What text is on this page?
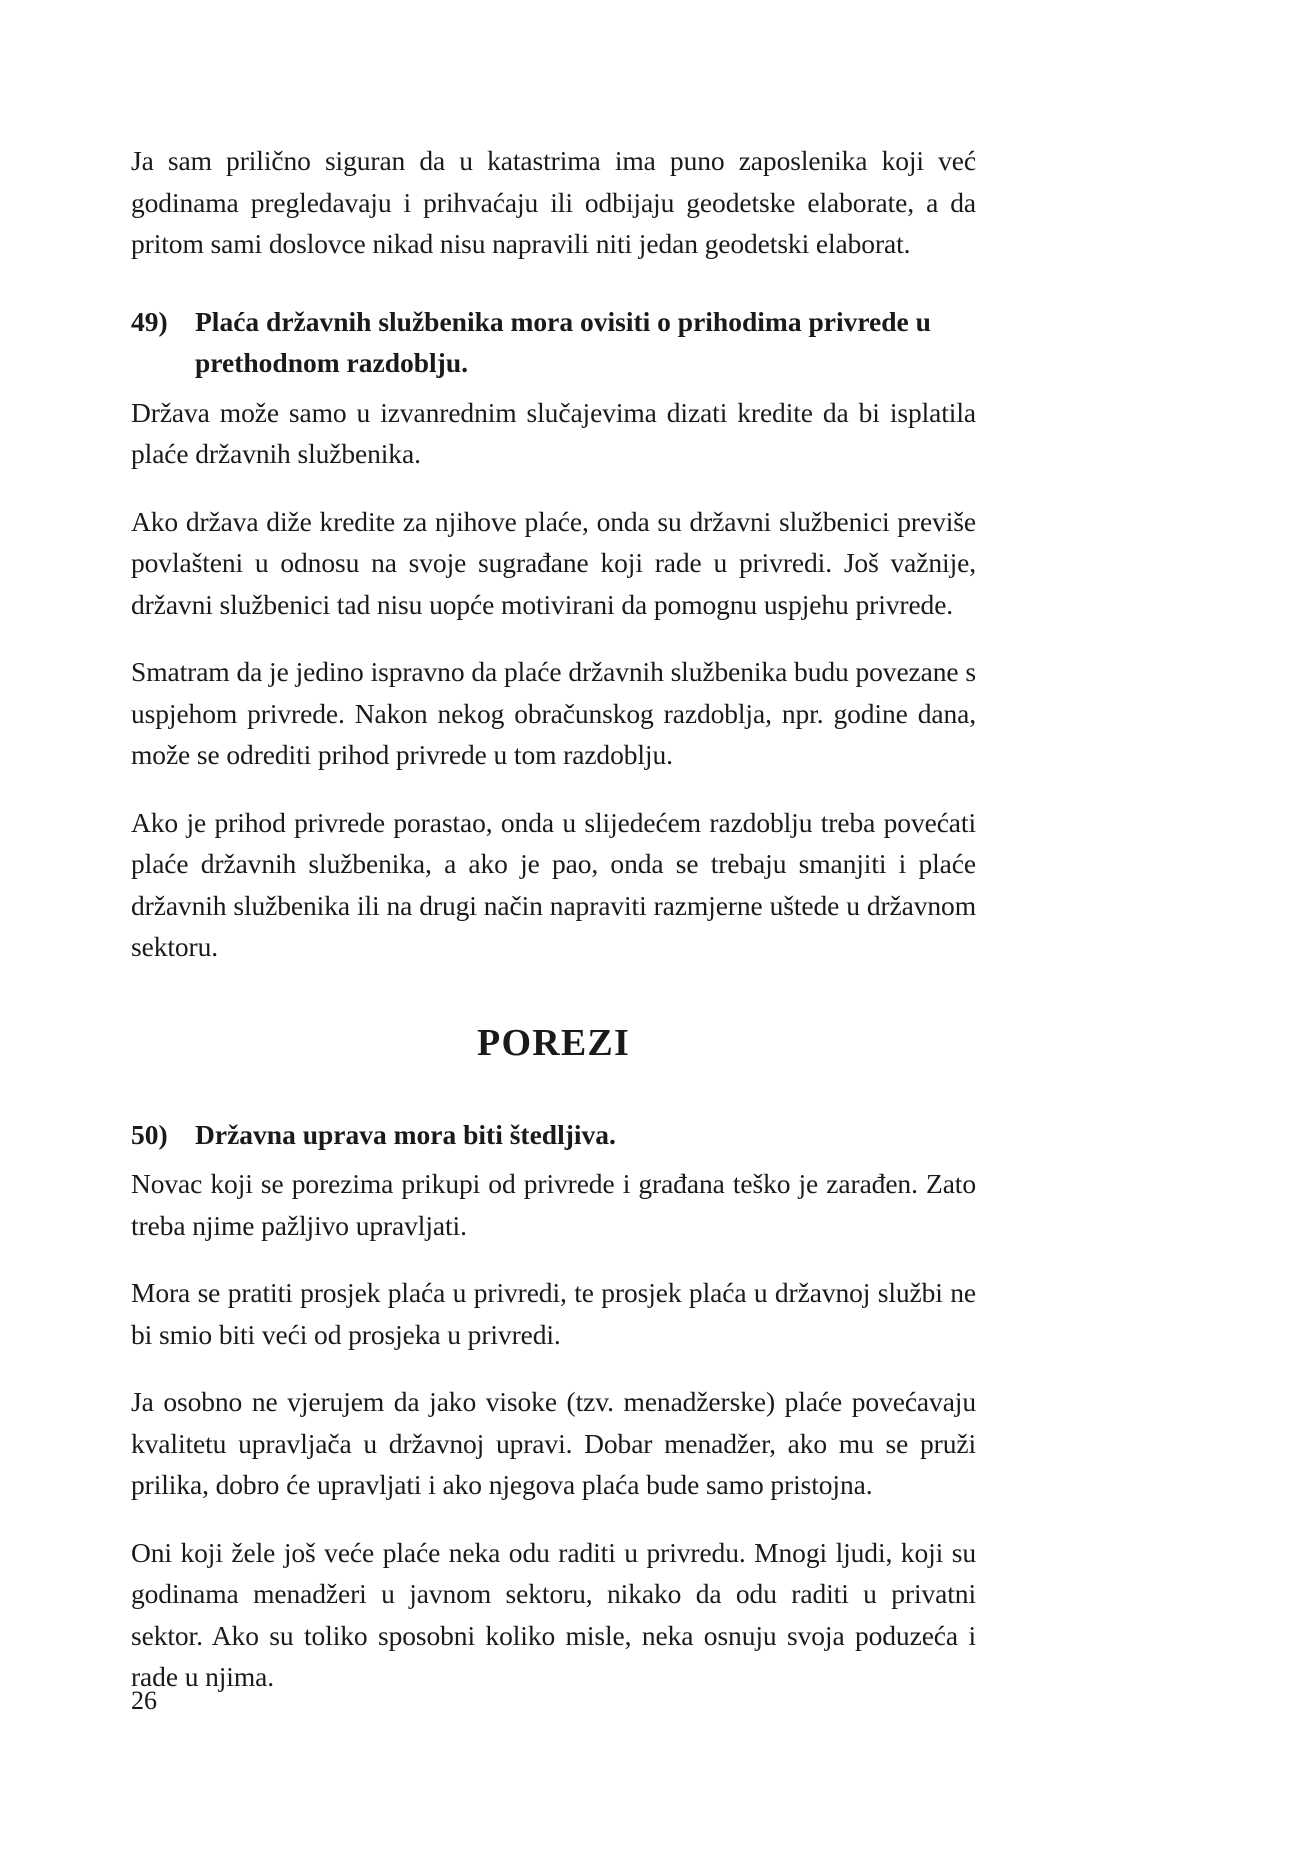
Ja sam prilično siguran da u katastrima ima puno zaposlenika koji već godinama pregledavaju i prihvaćaju ili odbijaju geodetske elaborate, a da pritom sami doslovce nikad nisu napravili niti jedan geodetski elaborat.

49) Plaća državnih službenika mora ovisiti o prihodima privrede u prethodnom razdoblju.

Država može samo u izvanrednim slučajevima dizati kredite da bi isplatila plaće državnih službenika.

Ako država diže kredite za njihove plaće, onda su državni službenici previše povlašteni u odnosu na svoje sugrađane koji rade u privredi. Još važnije, državni službenici tad nisu uopće motivirani da pomognu uspjehu privrede.

Smatram da je jedino ispravno da plaće državnih službenika budu povezane s uspjehom privrede. Nakon nekog obračunskog razdoblja, npr. godine dana, može se odrediti prihod privrede u tom razdoblju.

Ako je prihod privrede porastao, onda u slijedećem razdoblju treba povećati plaće državnih službenika, a ako je pao, onda se trebaju smanjiti i plaće državnih službenika ili na drugi način napraviti razmjerne uštede u državnom sektoru.

POREZI
50) Državna uprava mora biti štedljiva.

Novac koji se porezima prikupi od privrede i građana teško je zarađen. Zato treba njime pažljivo upravljati.

Mora se pratiti prosjek plaća u privredi, te prosjek plaća u državnoj službi ne bi smio biti veći od prosjeka u privredi.

Ja osobno ne vjerujem da jako visoke (tzv. menadžerske) plaće povećavaju kvalitetu upravljača u državnoj upravi. Dobar menadžer, ako mu se pruži prilika, dobro će upravljati i ako njegova plaća bude samo pristojna.

Oni koji žele još veće plaće neka odu raditi u privredu. Mnogi ljudi, koji su godinama menadžeri u javnom sektoru, nikako da odu raditi u privatni sektor. Ako su toliko sposobni koliko misle, neka osnuju svoja poduzeća i rade u njima.

26
